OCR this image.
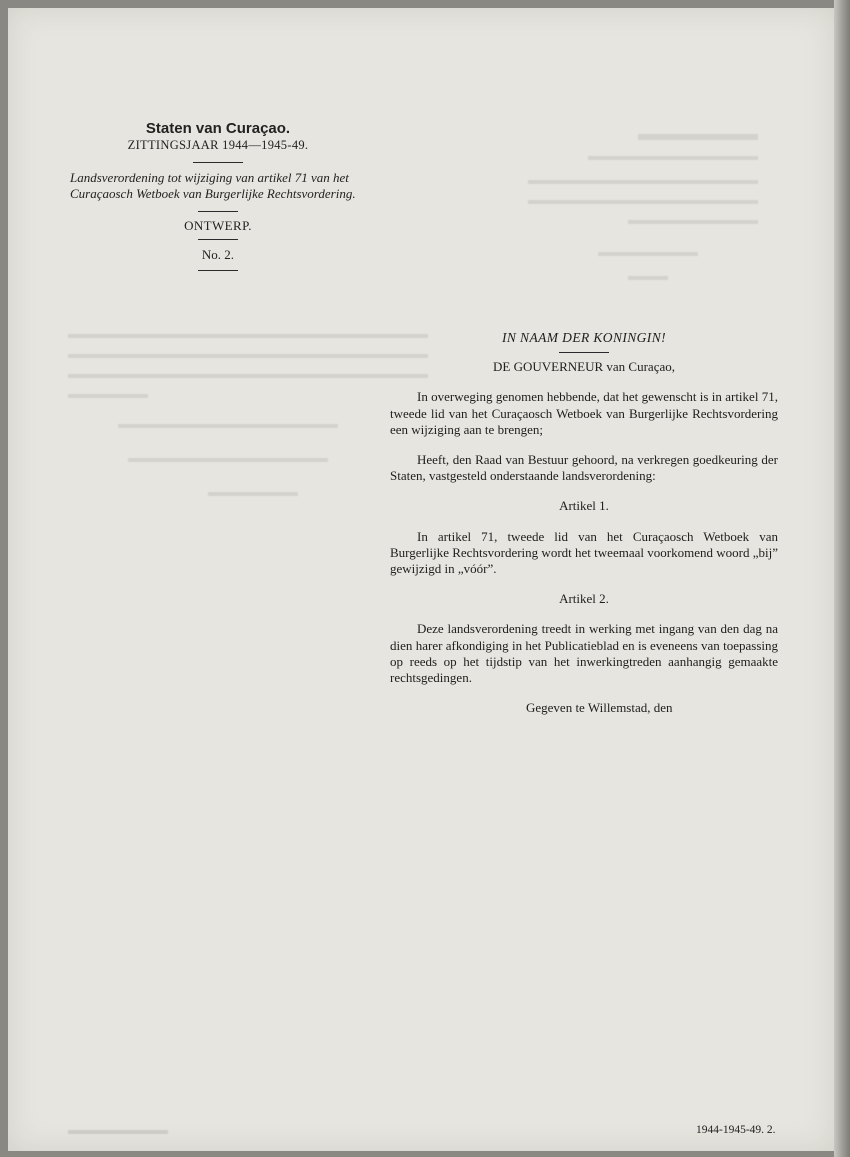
Staten van Curaçao.

ZITTINGSJAAR 1944—1945-49.

Landsverordening tot wijziging van artikel 71 van het Curaçaosch Wetboek van Burgerlijke Rechtsvordering.

ONTWERP.

No. 2.

IN NAAM DER KONINGIN!

DE GOUVERNEUR van Curaçao,

In overweging genomen hebbende, dat het gewenscht is in artikel 71, tweede lid van het Curaçaosch Wetboek van Burgerlijke Rechtsvordering een wijziging aan te brengen;

Heeft, den Raad van Bestuur gehoord, na verkregen goedkeuring der Staten, vastgesteld onderstaande landsverordening:

Artikel 1.

In artikel 71, tweede lid van het Curaçaosch Wetboek van Burgerlijke Rechtsvordering wordt het tweemaal voorkomend woord „bij” gewijzigd in „vóór”.

Artikel 2.

Deze landsverordening treedt in werking met ingang van den dag na dien harer afkondiging in het Publicatieblad en is eveneens van toepassing op reeds op het tijdstip van het inwerkingtreden aanhangig gemaakte rechtsgedingen.

Gegeven te Willemstad, den

1944-1945-49. 2.
